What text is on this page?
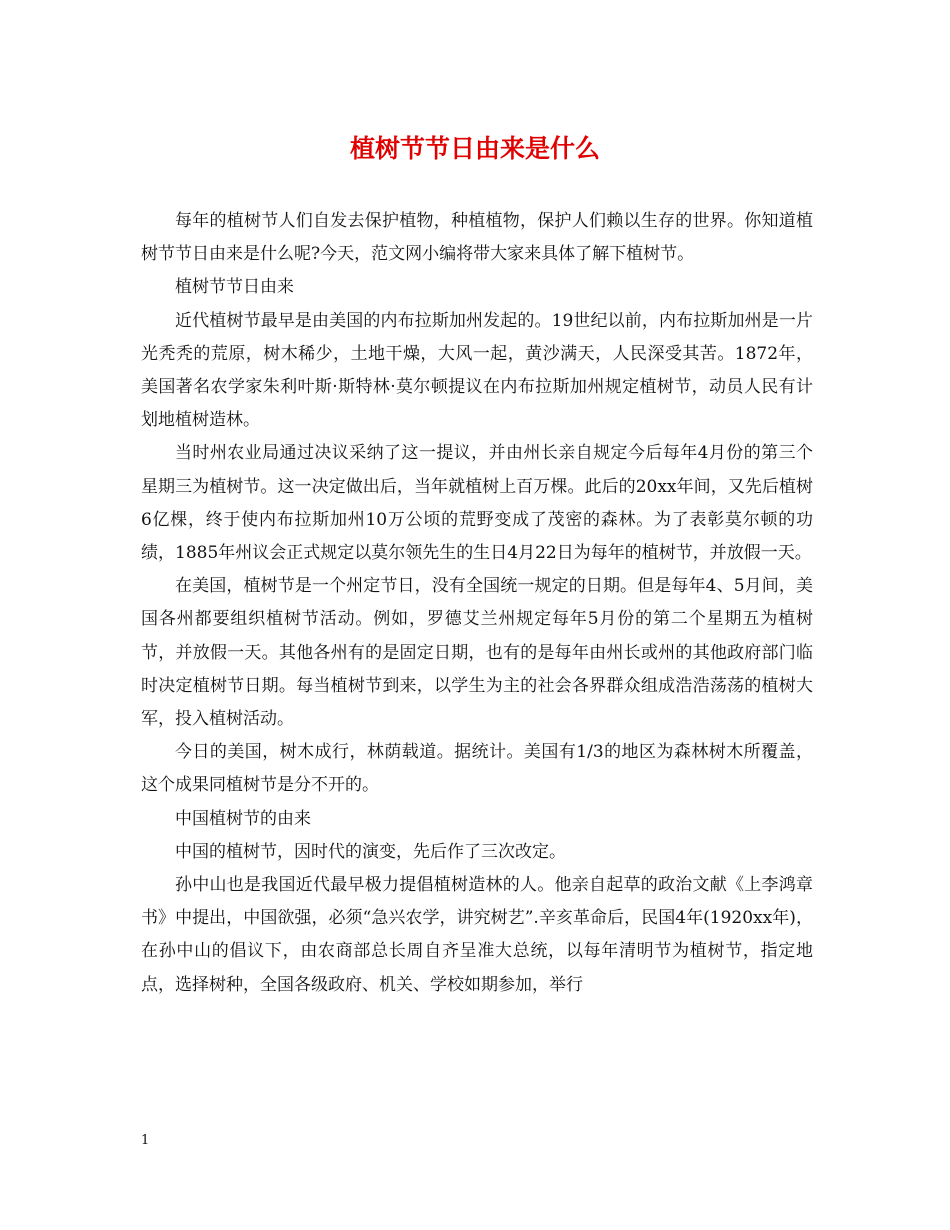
植树节节日由来是什么

每年的植树节人们自发去保护植物，种植植物，保护人们赖以生存的世界。你知道植树节节日由来是什么呢?今天，范文网小编将带大家来具体了解下植树节。

植树节节日由来

近代植树节最早是由美国的内布拉斯加州发起的。19世纪以前，内布拉斯加州是一片光秃秃的荒原，树木稀少，土地干燥，大风一起，黄沙满天，人民深受其苦。1872年，美国著名农学家朱利叶斯·斯特林·莫尔顿提议在内布拉斯加州规定植树节，动员人民有计划地植树造林。

当时州农业局通过决议采纳了这一提议，并由州长亲自规定今后每年4月份的第三个星期三为植树节。这一决定做出后，当年就植树上百万棵。此后的20xx年间，又先后植树6亿棵，终于使内布拉斯加州10万公顷的荒野变成了茂密的森林。为了表彰莫尔顿的功绩，1885年州议会正式规定以莫尔领先生的生日4月22日为每年的植树节，并放假一天。

在美国，植树节是一个州定节日，没有全国统一规定的日期。但是每年4、5月间，美国各州都要组织植树节活动。例如，罗德艾兰州规定每年5月份的第二个星期五为植树节，并放假一天。其他各州有的是固定日期，也有的是每年由州长或州的其他政府部门临时决定植树节日期。每当植树节到来，以学生为主的社会各界群众组成浩浩荡荡的植树大军，投入植树活动。

今日的美国，树木成行，林荫载道。据统计。美国有1/3的地区为森林树木所覆盖，这个成果同植树节是分不开的。

中国植树节的由来

中国的植树节，因时代的演变，先后作了三次改定。

孙中山也是我国近代最早极力提倡植树造林的人。他亲自起草的政治文献《上李鸿章书》中提出，中国欲强，必须“急兴农学，讲究树艺”.辛亥革命后，民国4年(1920xx年)，在孙中山的倡议下，由农商部总长周自齐呈准大总统，以每年清明节为植树节，指定地点，选择树种，全国各级政府、机关、学校如期参加，举行

1
